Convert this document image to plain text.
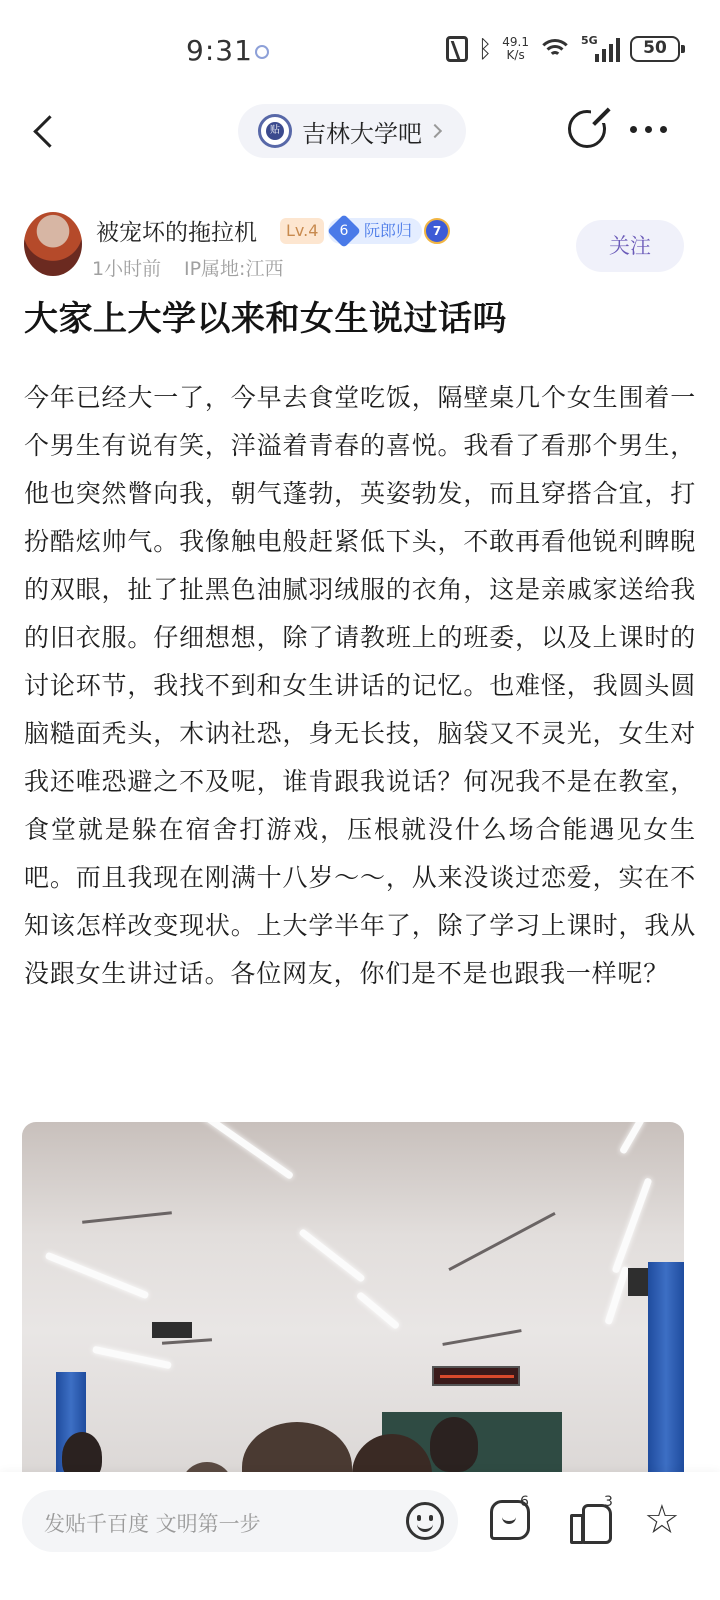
9:31	ᛒ 49.1
K/s
5G	50
贴 吉林大学吧
被宠坏的拖拉机	Lv.4	6 阮郎归	7
1小时前 IP属地:江西
关注
大家上大学以来和女生说过话吗
今年已经大一了，今早去食堂吃饭，隔壁桌几个女生围着一个男生有说有笑，洋溢着青春的喜悦。我看了看那个男生，他也突然瞥向我，朝气蓬勃，英姿勃发，而且穿搭合宜，打扮酷炫帅气。我像触电般赶紧低下头，不敢再看他锐利睥睨的双眼，扯了扯黑色油腻羽绒服的衣角，这是亲戚家送给我的旧衣服。仔细想想，除了请教班上的班委，以及上课时的讨论环节，我找不到和女生讲话的记忆。也难怪，我圆头圆脑糙面秃头，木讷社恐，身无长技，脑袋又不灵光，女生对我还唯恐避之不及呢，谁肯跟我说话？何况我不是在教室，食堂就是躲在宿舍打游戏，压根就没什么场合能遇见女生吧。而且我现在刚满十八岁～～，从来没谈过恋爱，实在不知该怎样改变现状。上大学半年了，除了学习上课时，我从没跟女生讲过话。各位网友，你们是不是也跟我一样呢？
发贴千百度 文明第一步
6	3 ☆
